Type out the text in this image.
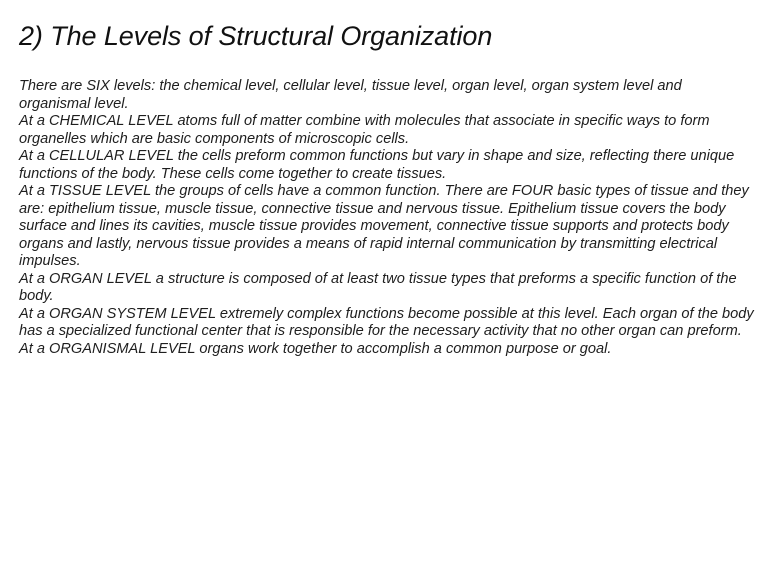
2) The Levels of Structural Organization

There are SIX levels: the chemical level, cellular level, tissue level, organ level, organ system level and organismal level.

At a CHEMICAL LEVEL atoms full of matter combine with molecules that associate in specific ways to form organelles which are basic components of microscopic cells.

At a CELLULAR LEVEL the cells preform common functions but vary in shape and size, reflecting there unique functions of the body. These cells come together to create tissues.

At a TISSUE LEVEL the groups of cells have a common function. There are FOUR basic types of tissue and they are: epithelium tissue, muscle tissue, connective tissue and nervous tissue. Epithelium tissue covers the body surface and lines its cavities, muscle tissue provides movement, connective tissue supports and protects body organs and lastly, nervous tissue provides a means of rapid internal communication by transmitting electrical impulses.

At a ORGAN LEVEL a structure is composed of at least two tissue types that preforms a specific function of the body.

At a ORGAN SYSTEM LEVEL extremely complex functions become possible at this level. Each organ of the body has a specialized functional center that is responsible for the necessary activity that no other organ can preform.

At a ORGANISMAL LEVEL organs work together to accomplish a common purpose or goal.
